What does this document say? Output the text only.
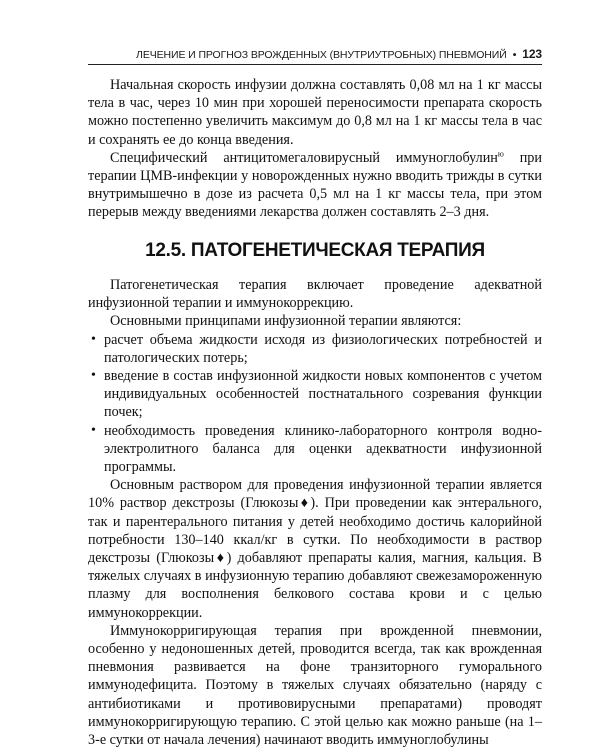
ЛЕЧЕНИЕ И ПРОГНОЗ ВРОЖДЕННЫХ (ВНУТРИУТРОБНЫХ) ПНЕВМОНИЙ • 123

Начальная скорость инфузии должна составлять 0,08 мл на 1 кг массы тела в час, через 10 мин при хорошей переносимости препарата скорость можно постепенно увеличить максимум до 0,8 мл на 1 кг массы тела в час и сохранять ее до конца введения.

Специфический антицитомегаловирусный иммуноглобулин$^ю$ при терапии ЦМВ-инфекции у новорожденных нужно вводить трижды в сутки внутримышечно в дозе из расчета 0,5 мл на 1 кг массы тела, при этом перерыв между введениями лекарства должен составлять 2–3 дня.

12.5. ПАТОГЕНЕТИЧЕСКАЯ ТЕРАПИЯ

Патогенетическая терапия включает проведение адекватной инфузионной терапии и иммунокоррекцию.

Основными принципами инфузионной терапии являются:

• расчет объема жидкости исходя из физиологических потребностей и патологических потерь;
• введение в состав инфузионной жидкости новых компонентов с учетом индивидуальных особенностей постнатального созревания функции почек;
• необходимость проведения клинико-лабораторного контроля водно-электролитного баланса для оценки адекватности инфузионной программы.

Основным раствором для проведения инфузионной терапии является 10% раствор декстрозы (Глюкозы♦). При проведении как энтерального, так и парентерального питания у детей необходимо достичь калорийной потребности 130–140 ккал/кг в сутки. По необходимости в раствор декстрозы (Глюкозы♦) добавляют препараты калия, магния, кальция. В тяжелых случаях в инфузионную терапию добавляют свежезамороженную плазму для восполнения белкового состава крови и с целью иммунокоррекции.

Иммунокорригирующая терапия при врожденной пневмонии, особенно у недоношенных детей, проводится всегда, так как врожденная пневмония развивается на фоне транзиторного гуморального иммунодефицита. Поэтому в тяжелых случаях обязательно (наряду с антибиотиками и противовирусными препаратами) проводят иммунокорригирующую терапию. С этой целью как можно раньше (на 1–3-е сутки от начала лечения) начинают вводить иммуноглобулины
